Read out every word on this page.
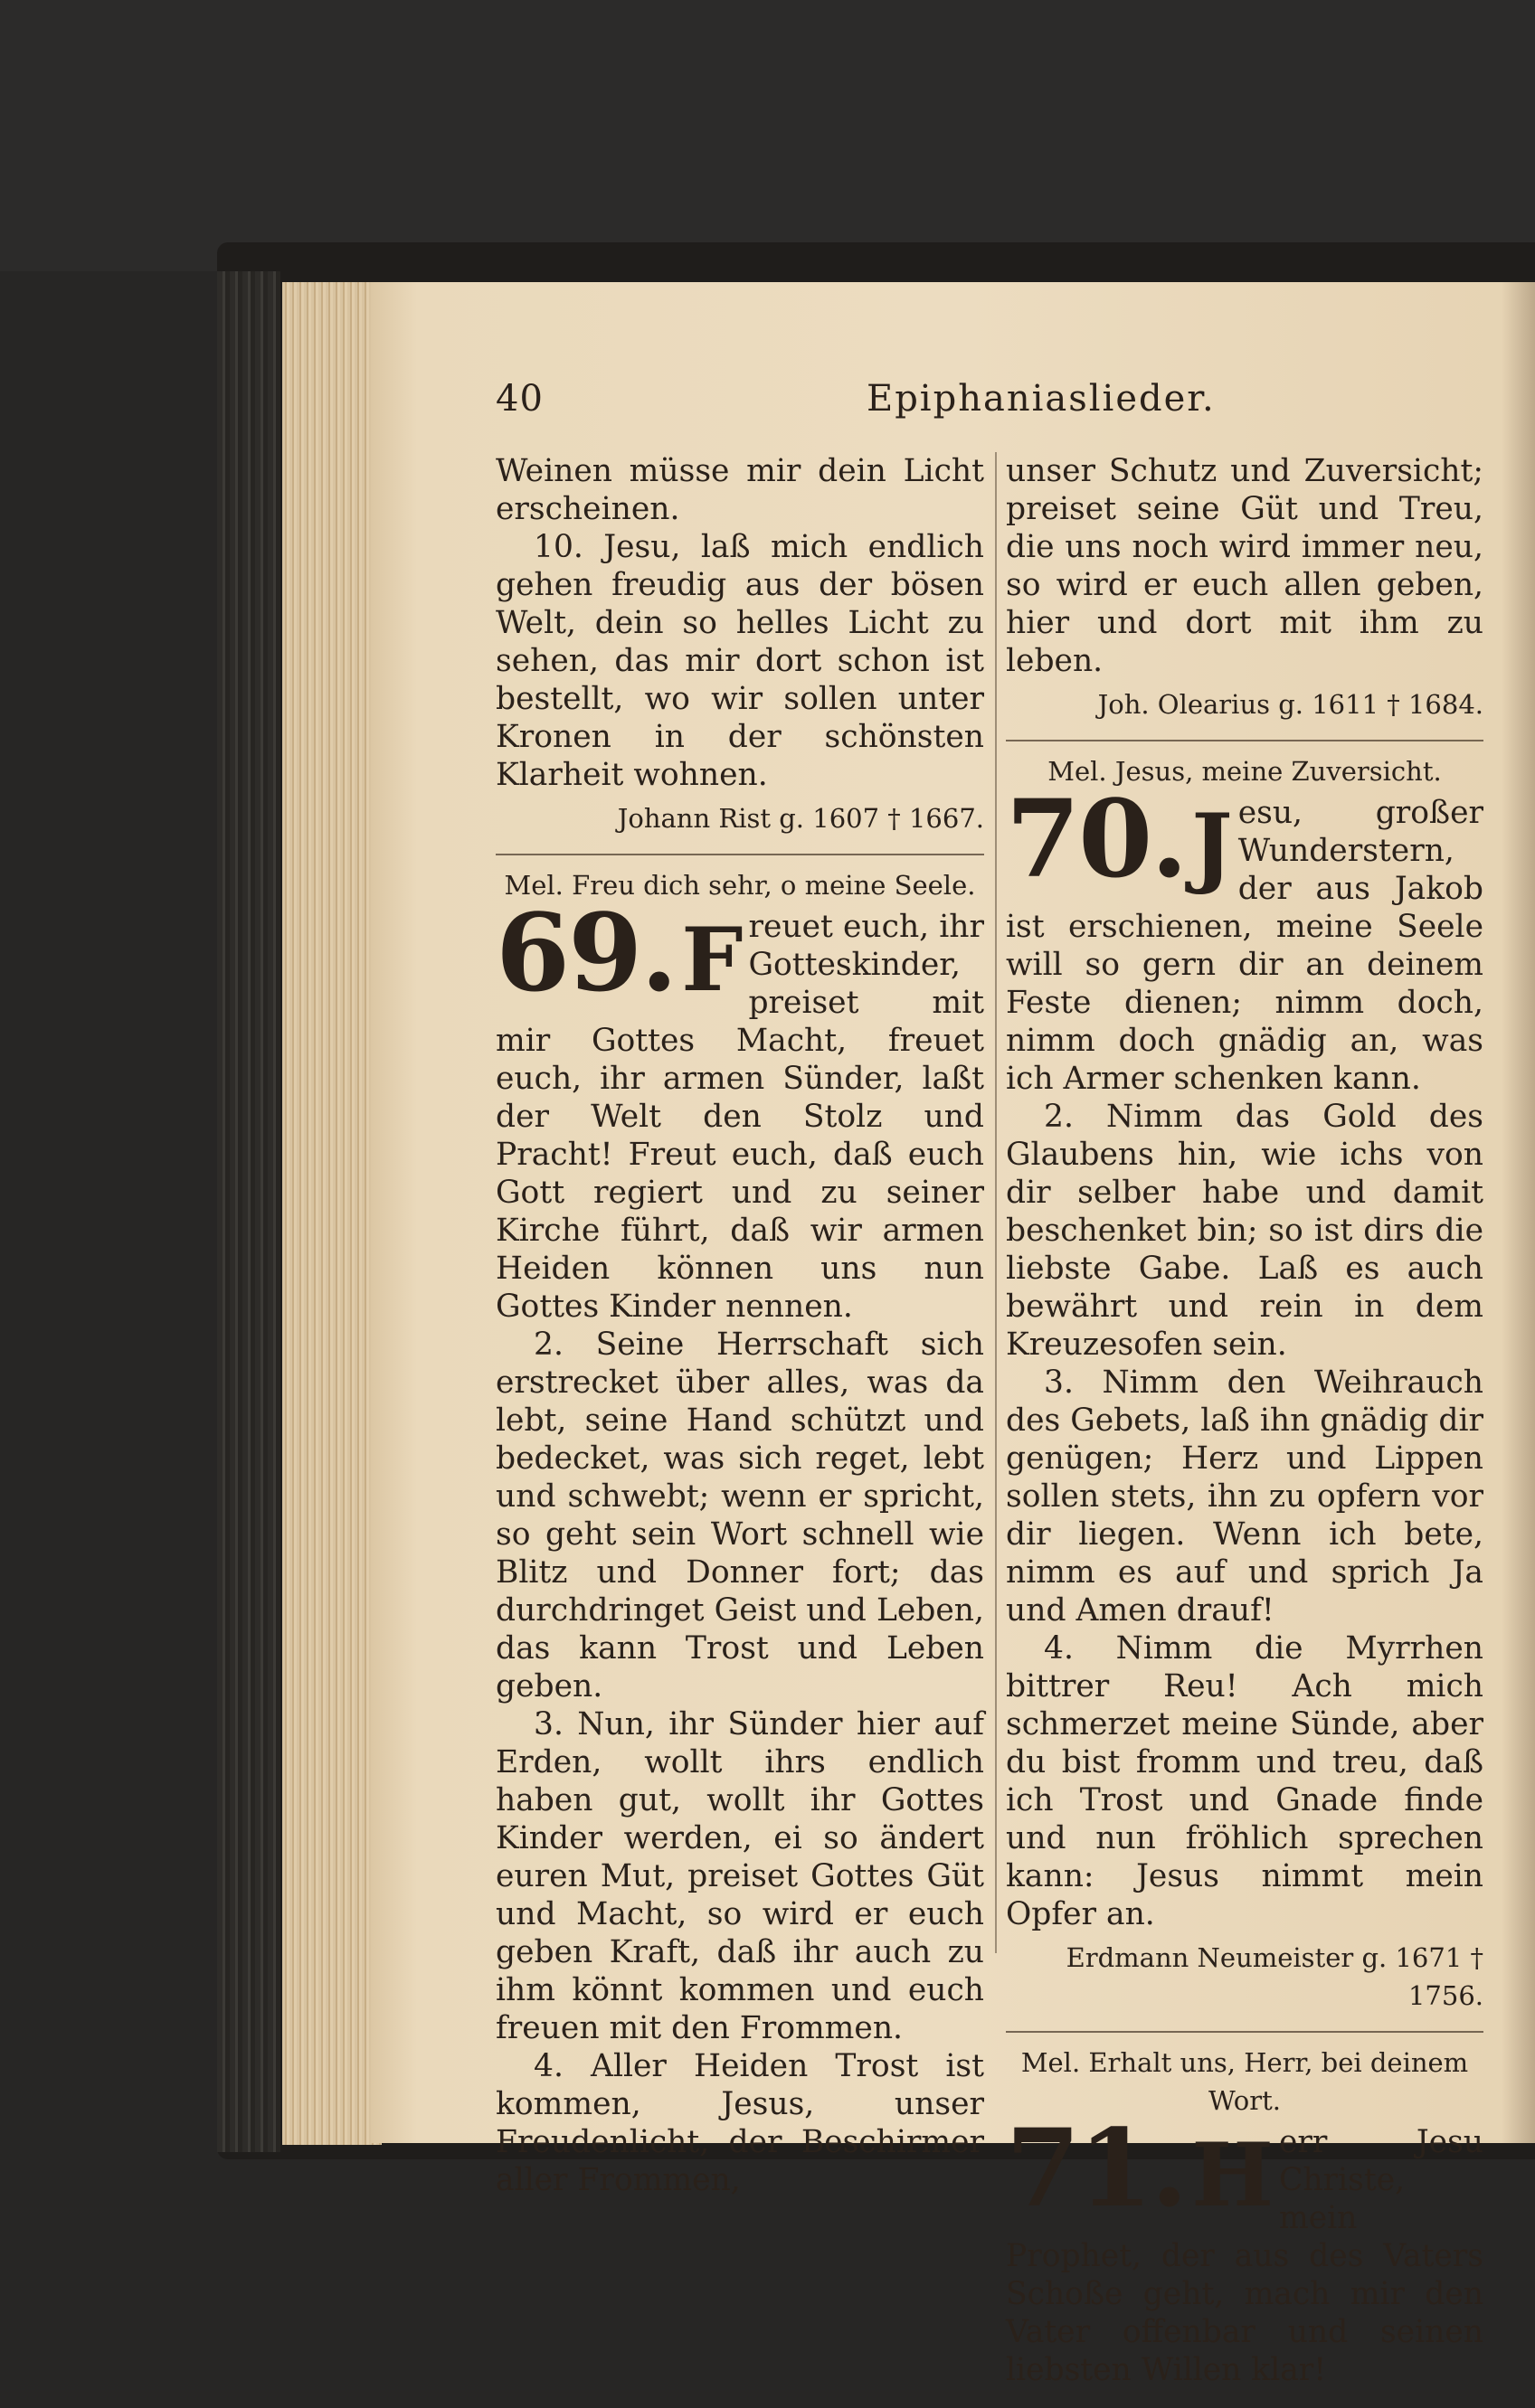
40	Epiphaniaslieder.

Weinen müsse mir dein Licht erscheinen.

10. Jesu, laß mich endlich gehen freudig aus der bösen Welt, dein so helles Licht zu sehen, das mir dort schon ist bestellt, wo wir sollen unter Kronen in der schönsten Klarheit wohnen.

Johann Rist g. 1607 † 1667.

Mel. Freu dich sehr, o meine Seele.

69.F reuet euch, ihr Gotteskinder, preiset mit mir Gottes Macht, freuet euch, ihr armen Sünder, laßt der Welt den Stolz und Pracht! Freut euch, daß euch Gott regiert und zu seiner Kirche führt, daß wir armen Heiden können uns nun Gottes Kinder nennen.

2. Seine Herrschaft sich erstrecket über alles, was da lebt, seine Hand schützt und bedecket, was sich reget, lebt und schwebt; wenn er spricht, so geht sein Wort schnell wie Blitz und Donner fort; das durchdringet Geist und Leben, das kann Trost und Leben geben.

3. Nun, ihr Sünder hier auf Erden, wollt ihrs endlich haben gut, wollt ihr Gottes Kinder werden, ei so ändert euren Mut, preiset Gottes Güt und Macht, so wird er euch geben Kraft, daß ihr auch zu ihm könnt kommen und euch freuen mit den Frommen.

4. Aller Heiden Trost ist kommen, Jesus, unser Freudenlicht, der Beschirmer aller Frommen,

unser Schutz und Zuversicht; preiset seine Güt und Treu, die uns noch wird immer neu, so wird er euch allen geben, hier und dort mit ihm zu leben.

Joh. Olearius g. 1611 † 1684.

Mel. Jesus, meine Zuversicht.

70.J esu, großer Wunderstern, der aus Jakob ist erschienen, meine Seele will so gern dir an deinem Feste dienen; nimm doch, nimm doch gnädig an, was ich Armer schenken kann.

2. Nimm das Gold des Glaubens hin, wie ichs von dir selber habe und damit beschenket bin; so ist dirs die liebste Gabe. Laß es auch bewährt und rein in dem Kreuzesofen sein.

3. Nimm den Weihrauch des Gebets, laß ihn gnädig dir genügen; Herz und Lippen sollen stets, ihn zu opfern vor dir liegen. Wenn ich bete, nimm es auf und sprich Ja und Amen drauf!

4. Nimm die Myrrhen bittrer Reu! Ach mich schmerzet meine Sünde, aber du bist fromm und treu, daß ich Trost und Gnade finde und nun fröhlich sprechen kann: Jesus nimmt mein Opfer an.

Erdmann Neumeister g. 1671 † 1756.

Mel. Erhalt uns, Herr, bei deinem Wort.

71.H err Jesu Christe, mein Prophet, der aus des Vaters Schoße geht, mach mir den Vater offenbar und seinen liebsten Willen klar!
